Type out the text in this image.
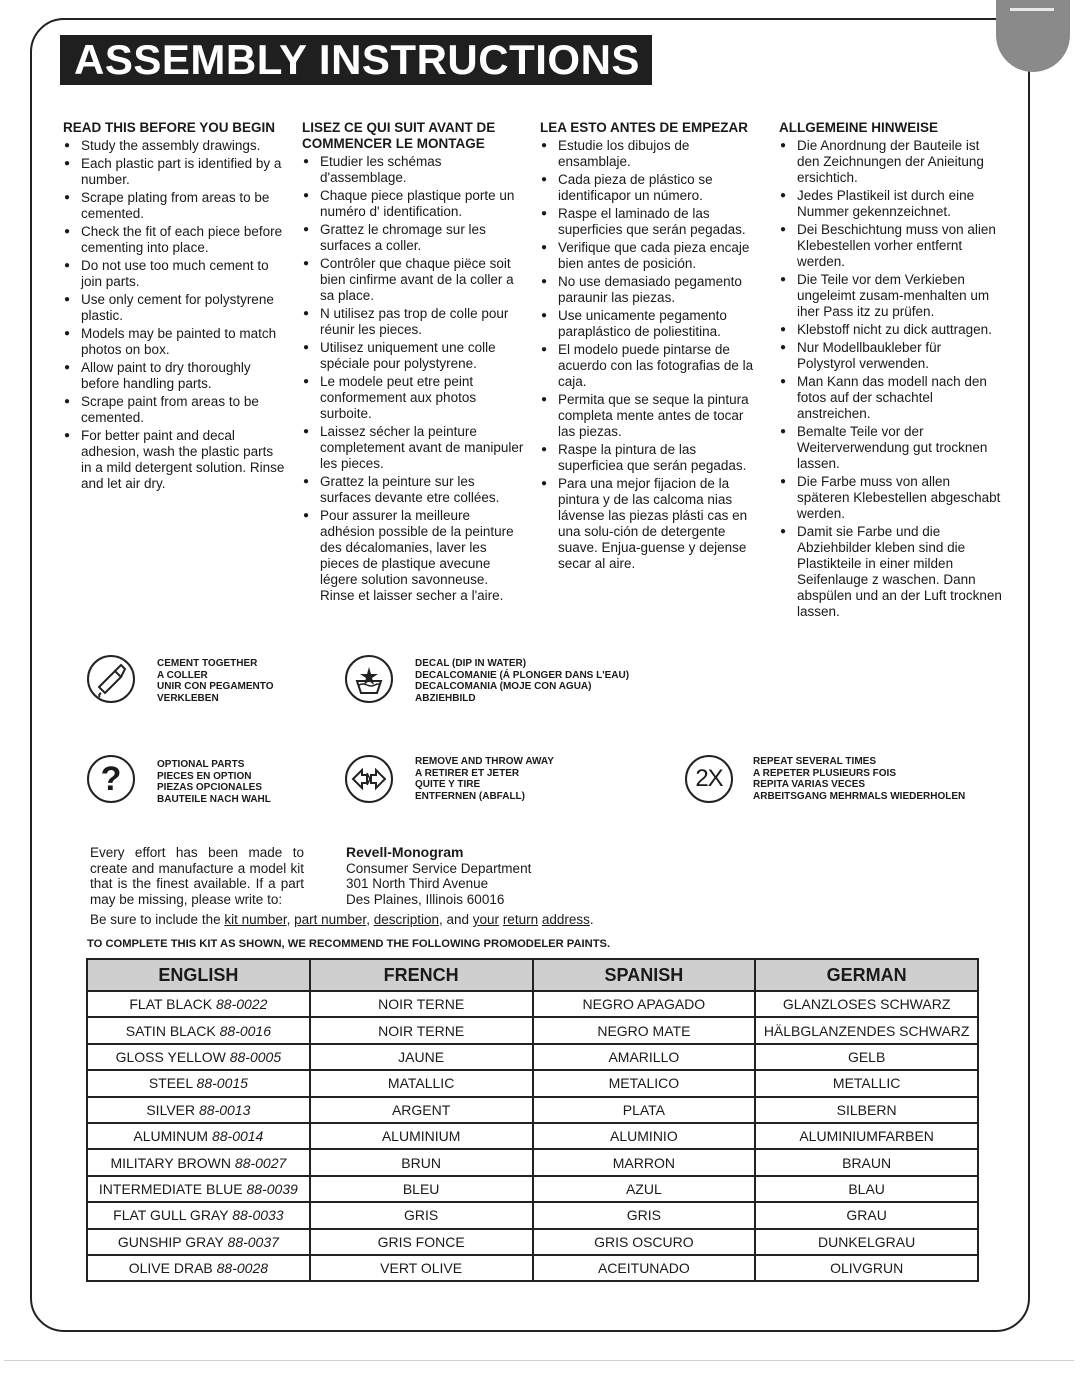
ASSEMBLY INSTRUCTIONS
READ THIS BEFORE YOU BEGIN
● Study the assembly drawings.
● Each plastic part is identified by a number.
● Scrape plating from areas to be cemented.
● Check the fit of each piece before cementing into place.
● Do not use too much cement to join parts.
● Use only cement for polystyrene plastic.
● Models may be painted to match photos on box.
● Allow paint to dry thoroughly before handling parts.
● Scrape paint from areas to be cemented.
● For better paint and decal adhesion, wash the plastic parts in a mild detergent solution. Rinse and let air dry.
LISEZ CE QUI SUIT AVANT DE COMMENCER LE MONTAGE
● Etudier les schémas d'assemblage.
● Chaque piece plastique porte un numéro d' identification.
● Grattez le chromage sur les surfaces a coller.
● Contrôler que chaque piëce soit bien cinfirme avant de la coller a sa place.
● N utilisez pas trop de colle pour réunir les pieces.
● Utilisez uniquement une colle spéciale pour polystyrene.
● Le modele peut etre peint conformement aux photos surboite.
● Laissez sécher la peinture completement avant de manipuler les pieces.
● Grattez la peinture sur les surfaces devante etre collées.
● Pour assurer la meilleure adhésion possible de la peinture des décalomanies, laver les pieces de plastique avecune légere solution savonneuse. Rinse et laisser secher a l'aire.
LEA ESTO ANTES DE EMPEZAR
● Estudie los dibujos de ensamblaje.
● Cada pieza de plástico se identificapor un número.
● Raspe el laminado de las superficies que serán pegadas.
● Verifique que cada pieza encaje bien antes de posición.
● No use demasiado pegamento paraunir las piezas.
● Use unicamente pegamento paraplástico de poliestitina.
● El modelo puede pintarse de acuerdo con las fotografias de la caja.
● Permita que se seque la pintura completa mente antes de tocar las piezas.
● Raspe la pintura de las superficiea que serán pegadas.
● Para una mejor fijacion de la pintura y de las calcoma nias lávense las piezas plásti cas en una solu-ción de detergente suave. Enjua-guense y dejense secar al aire.
ALLGEMEINE HINWEISE
● Die Anordnung der Bauteile ist den Zeichnungen der Anieitung ersichtich.
● Jedes Plastikeil ist durch eine Nummer gekennzeichnet.
● Dei Beschichtung muss von alien Klebestellen vorher entfernt werden.
● Die Teile vor dem Verkieben ungeleimt zusam-menhalten um iher Pass itz zu prüfen.
● Klebstoff nicht zu dick auttragen.
● Nur Modellbaukleber für Polystyrol verwenden.
● Man Kann das modell nach den fotos auf der schachtel anstreichen.
● Bemalte Teile vor der Weiterverwendung gut trocknen lassen.
● Die Farbe muss von allen späteren Klebestellen abgeschabt werden.
● Damit sie Farbe und die Abziehbilder kleben sind die Plastikteile in einer milden Seifenlauge z waschen. Dann abspülen und an der Luft trocknen lassen.
CEMENT TOGETHER
A COLLER
UNIR CON PEGAMENTO
VERKLEBEN
DECAL (DIP IN WATER)
DECALCOMANIE (Á PLONGER DANS L'EAU)
DECALCOMANIA (MOJE CON AGUA)
ABZIEHBILD
?	OPTIONAL PARTS
PIECES EN OPTION
PIEZAS OPCIONALES
BAUTEILE NACH WAHL
REMOVE AND THROW AWAY
A RETIRER ET JETER
QUITE Y TIRE
ENTFERNEN (ABFALL)
2X
REPEAT SEVERAL TIMES
A REPETER PLUSIEURS FOIS
REPITA VARIAS VECES
ARBEITSGANG MEHRMALS WIEDERHOLEN
Every effort has been made to create and manufacture a model kit that is the finest available. If a part may be missing, please write to:
Revell-Monogram
Consumer Service Department
301 North Third Avenue
Des Plaines, Illinois 60016
Be sure to include the kit number, part number, description, and your return address.
TO COMPLETE THIS KIT AS SHOWN, WE RECOMMEND THE FOLLOWING PROMODELER PAINTS.
ENGLISH	FRENCH	SPANISH	GERMAN
FLAT BLACK 88-0022	NOIR TERNE	NEGRO APAGADO	GLANZLOSES SCHWARZ
SATIN BLACK 88-0016	NOIR TERNE	NEGRO MATE	HÄLBGLANZENDES SCHWARZ
GLOSS YELLOW 88-0005	JAUNE	AMARILLO	GELB
STEEL 88-0015	MATALLIC	METALICO	METALLIC
SILVER 88-0013	ARGENT	PLATA	SILBERN
ALUMINUM 88-0014	ALUMINIUM	ALUMINIO	ALUMINIUMFARBEN
MILITARY BROWN 88-0027	BRUN	MARRON	BRAUN
INTERMEDIATE BLUE 88-0039	BLEU	AZUL	BLAU
FLAT GULL GRAY 88-0033	GRIS	GRIS	GRAU
GUNSHIP GRAY 88-0037	GRIS FONCE	GRIS OSCURO	DUNKELGRAU
OLIVE DRAB 88-0028	VERT OLIVE	ACEITUNADO	OLIVGRUN
